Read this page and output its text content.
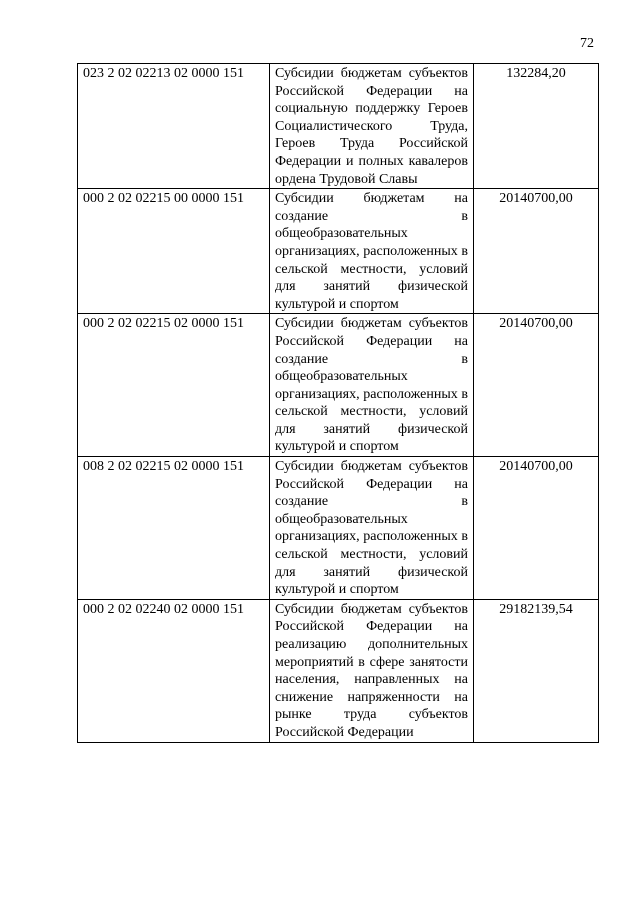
72
023 2 02 02213 02 0000 151	Субсидии бюджетам субъектов Российской Федерации на социальную поддержку Героев Социалистического Труда, Героев Труда Российской Федерации и полных кавалеров ордена Трудовой Славы	132284,20
000 2 02 02215 00 0000 151	Субсидии бюджетам на создание в общеобразовательных организациях, расположенных в сельской местности, условий для занятий физической культурой и спортом	20140700,00
000 2 02 02215 02 0000 151	Субсидии бюджетам субъектов Российской Федерации на создание в общеобразовательных организациях, расположенных в сельской местности, условий для занятий физической культурой и спортом	20140700,00
008 2 02 02215 02 0000 151	Субсидии бюджетам субъектов Российской Федерации на создание в общеобразовательных организациях, расположенных в сельской местности, условий для занятий физической культурой и спортом	20140700,00
000 2 02 02240 02 0000 151	Субсидии бюджетам субъектов Российской Федерации на реализацию дополнительных мероприятий в сфере занятости населения, направленных на снижение напряженности на рынке труда субъектов Российской Федерации	29182139,54
